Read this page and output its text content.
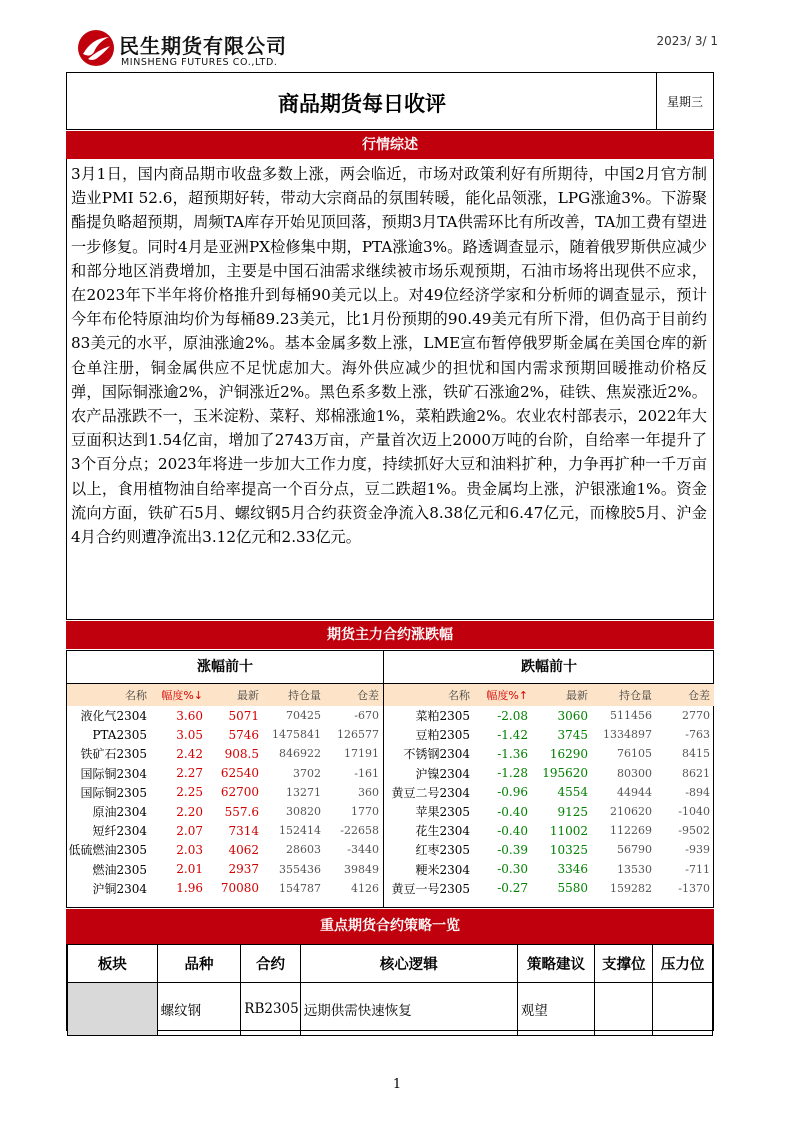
民生期货有限公司
MINSHENG FUTURES CO.,LTD.
2023/ 3/ 1
商品期货每日收评	星期三
行情综述
3月1日，国内商品期市收盘多数上涨，两会临近，市场对政策利好有所期待，中国2月官方制造业PMI 52.6，超预期好转，带动大宗商品的氛围转暖，能化品领涨，LPG涨逾3%。下游聚酯提负略超预期，周频TA库存开始见顶回落，预期3月TA供需环比有所改善，TA加工费有望进一步修复。同时4月是亚洲PX检修集中期，PTA涨逾3%。路透调查显示，随着俄罗斯供应减少和部分地区消费增加，主要是中国石油需求继续被市场乐观预期，石油市场将出现供不应求，在2023年下半年将价格推升到每桶90美元以上。对49位经济学家和分析师的调查显示，预计今年布伦特原油均价为每桶89.23美元，比1月份预期的90.49美元有所下滑，但仍高于目前约83美元的水平，原油涨逾2%。基本金属多数上涨，LME宣布暂停俄罗斯金属在美国仓库的新仓单注册，铜金属供应不足忧虑加大。海外供应减少的担忧和国内需求预期回暖推动价格反弹，国际铜涨逾2%，沪铜涨近2%。黑色系多数上涨，铁矿石涨逾2%，硅铁、焦炭涨近2%。农产品涨跌不一，玉米淀粉、菜籽、郑棉涨逾1%，菜粕跌逾2%。农业农村部表示，2022年大豆面积达到1.54亿亩，增加了2743万亩，产量首次迈上2000万吨的台阶，自给率一年提升了3个百分点；2023年将进一步加大工作力度，持续抓好大豆和油料扩种，力争再扩种一千万亩以上，食用植物油自给率提高一个百分点，豆二跌超1%。贵金属均上涨，沪银涨逾1%。资金流向方面，铁矿石5月、螺纹钢5月合约获资金净流入8.38亿元和6.47亿元，而橡胶5月、沪金4月合约则遭净流出3.12亿元和2.33亿元。
期货主力合约涨跌幅
涨幅前十
名称	幅度%↓	最新	持仓量	仓差
液化气2304	3.60	5071	70425	-670
PTA2305	3.05	5746	1475841	126577
铁矿石2305	2.42	908.5	846922	17191
国际铜2304	2.27	62540	3702	-161
国际铜2305	2.25	62700	13271	360
原油2304	2.20	557.6	30820	1770
短纤2304	2.07	7314	152414	-22658
低硫燃油2305	2.03	4062	28603	-3440
燃油2305	2.01	2937	355436	39849
沪铜2304	1.96	70080	154787	4126
跌幅前十
名称	幅度%↑	最新	持仓量	仓差
菜粕2305	-2.08	3060	511456	2770
豆粕2305	-1.42	3745	1334897	-763
不锈钢2304	-1.36	16290	76105	8415
沪镍2304	-1.28	195620	80300	8621
黄豆二号2304	-0.96	4554	44944	-894
苹果2305	-0.40	9125	210620	-1040
花生2304	-0.40	11002	112269	-9502
红枣2305	-0.39	10325	56790	-939
粳米2304	-0.30	3346	13530	-711
黄豆一号2305	-0.27	5580	159282	-1370
重点期货合约策略一览
板块	品种	合约	核心逻辑	策略建议	支撑位	压力位
	螺纹钢	RB2305	远期供需快速恢复	观望		
1
